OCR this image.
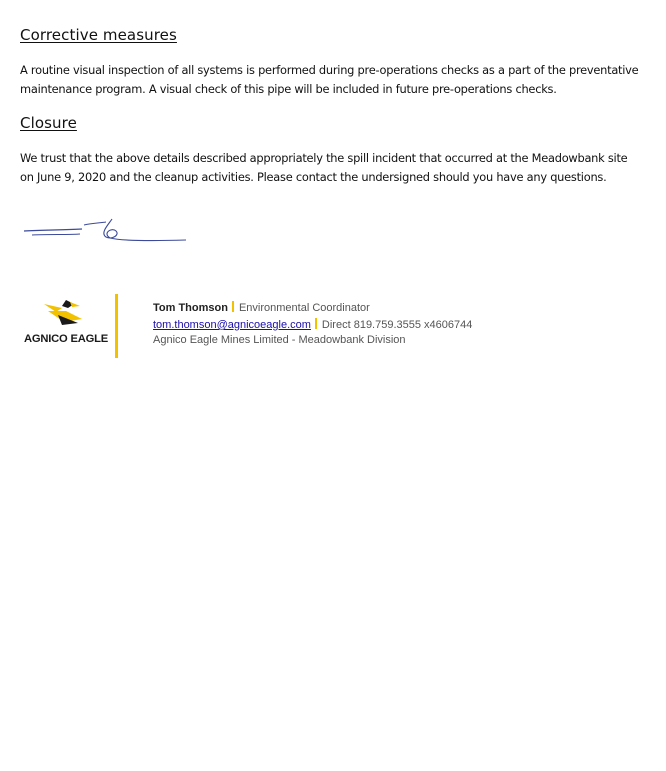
Corrective measures

A routine visual inspection of all systems is performed during pre-operations checks as a part of the preventative
maintenance program. A visual check of this pipe will be included in future pre-operations checks.

Closure

We trust that the above details described appropriately the spill incident that occurred at the Meadowbank site
on June 9, 2020 and the cleanup activities. Please contact the undersigned should you have any questions.

AGNICO EAGLE
Tom Thomson Environmental Coordinator
tom.thomson@agnicoeagle.com Direct 819.759.3555 x4606744
Agnico Eagle Mines Limited - Meadowbank Division
